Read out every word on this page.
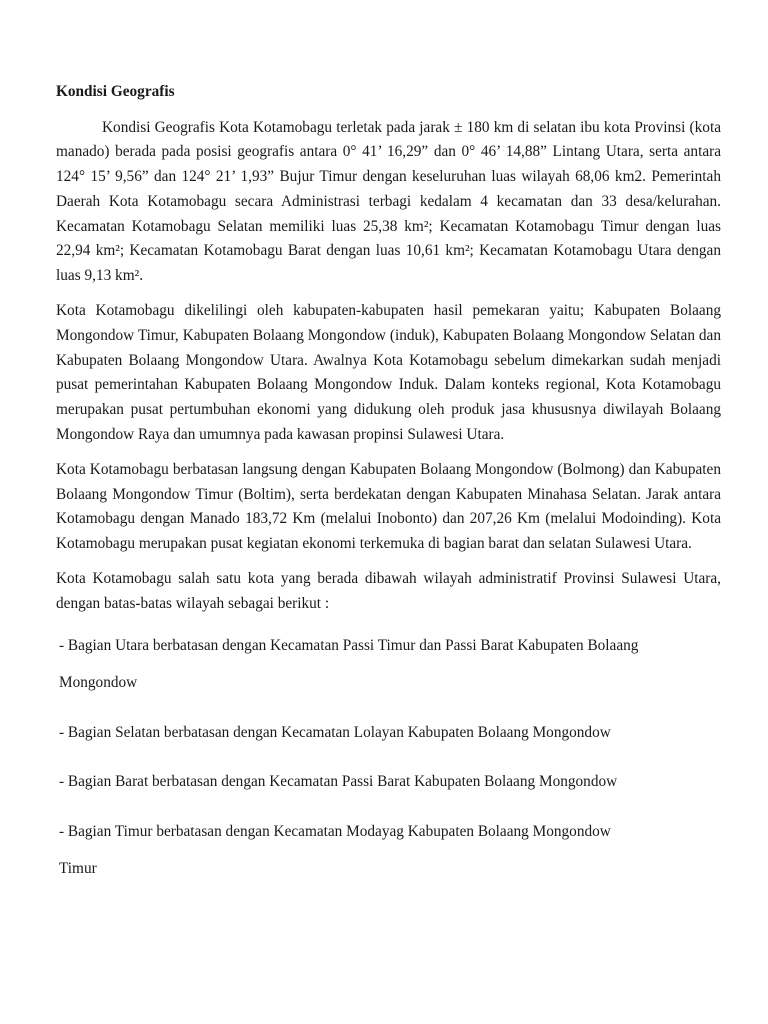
Kondisi Geografis

Kondisi Geografis Kota Kotamobagu terletak pada jarak ± 180 km di selatan ibu kota Provinsi (kota manado) berada pada posisi geografis antara 0° 41’ 16,29” dan 0° 46’ 14,88” Lintang Utara, serta antara 124° 15’ 9,56” dan 124° 21’ 1,93” Bujur Timur dengan keseluruhan luas wilayah 68,06 km2. Pemerintah Daerah Kota Kotamobagu secara Administrasi terbagi kedalam 4 kecamatan dan 33 desa/kelurahan. Kecamatan Kotamobagu Selatan memiliki luas 25,38 km²; Kecamatan Kotamobagu Timur dengan luas 22,94 km²; Kecamatan Kotamobagu Barat dengan luas 10,61 km²; Kecamatan Kotamobagu Utara dengan luas 9,13 km².

Kota Kotamobagu dikelilingi oleh kabupaten-kabupaten hasil pemekaran yaitu; Kabupaten Bolaang Mongondow Timur, Kabupaten Bolaang Mongondow (induk), Kabupaten Bolaang Mongondow Selatan dan Kabupaten Bolaang Mongondow Utara. Awalnya Kota Kotamobagu sebelum dimekarkan sudah menjadi pusat pemerintahan Kabupaten Bolaang Mongondow Induk. Dalam konteks regional, Kota Kotamobagu merupakan pusat pertumbuhan ekonomi yang didukung oleh produk jasa khususnya diwilayah Bolaang Mongondow Raya dan umumnya pada kawasan propinsi Sulawesi Utara.

Kota Kotamobagu berbatasan langsung dengan Kabupaten Bolaang Mongondow (Bolmong) dan Kabupaten Bolaang Mongondow Timur (Boltim), serta berdekatan dengan Kabupaten Minahasa Selatan. Jarak antara Kotamobagu dengan Manado 183,72 Km (melalui Inobonto) dan 207,26 Km (melalui Modoinding). Kota Kotamobagu merupakan pusat kegiatan ekonomi terkemuka di bagian barat dan selatan Sulawesi Utara.

Kota Kotamobagu salah satu kota yang berada dibawah wilayah administratif Provinsi Sulawesi Utara, dengan batas-batas wilayah sebagai berikut :

- Bagian Utara berbatasan dengan Kecamatan Passi Timur dan Passi Barat Kabupaten Bolaang
Mongondow
- Bagian Selatan berbatasan dengan Kecamatan Lolayan Kabupaten Bolaang Mongondow
- Bagian Barat berbatasan dengan Kecamatan Passi Barat Kabupaten Bolaang Mongondow
- Bagian Timur berbatasan dengan Kecamatan Modayag Kabupaten Bolaang Mongondow
Timur
